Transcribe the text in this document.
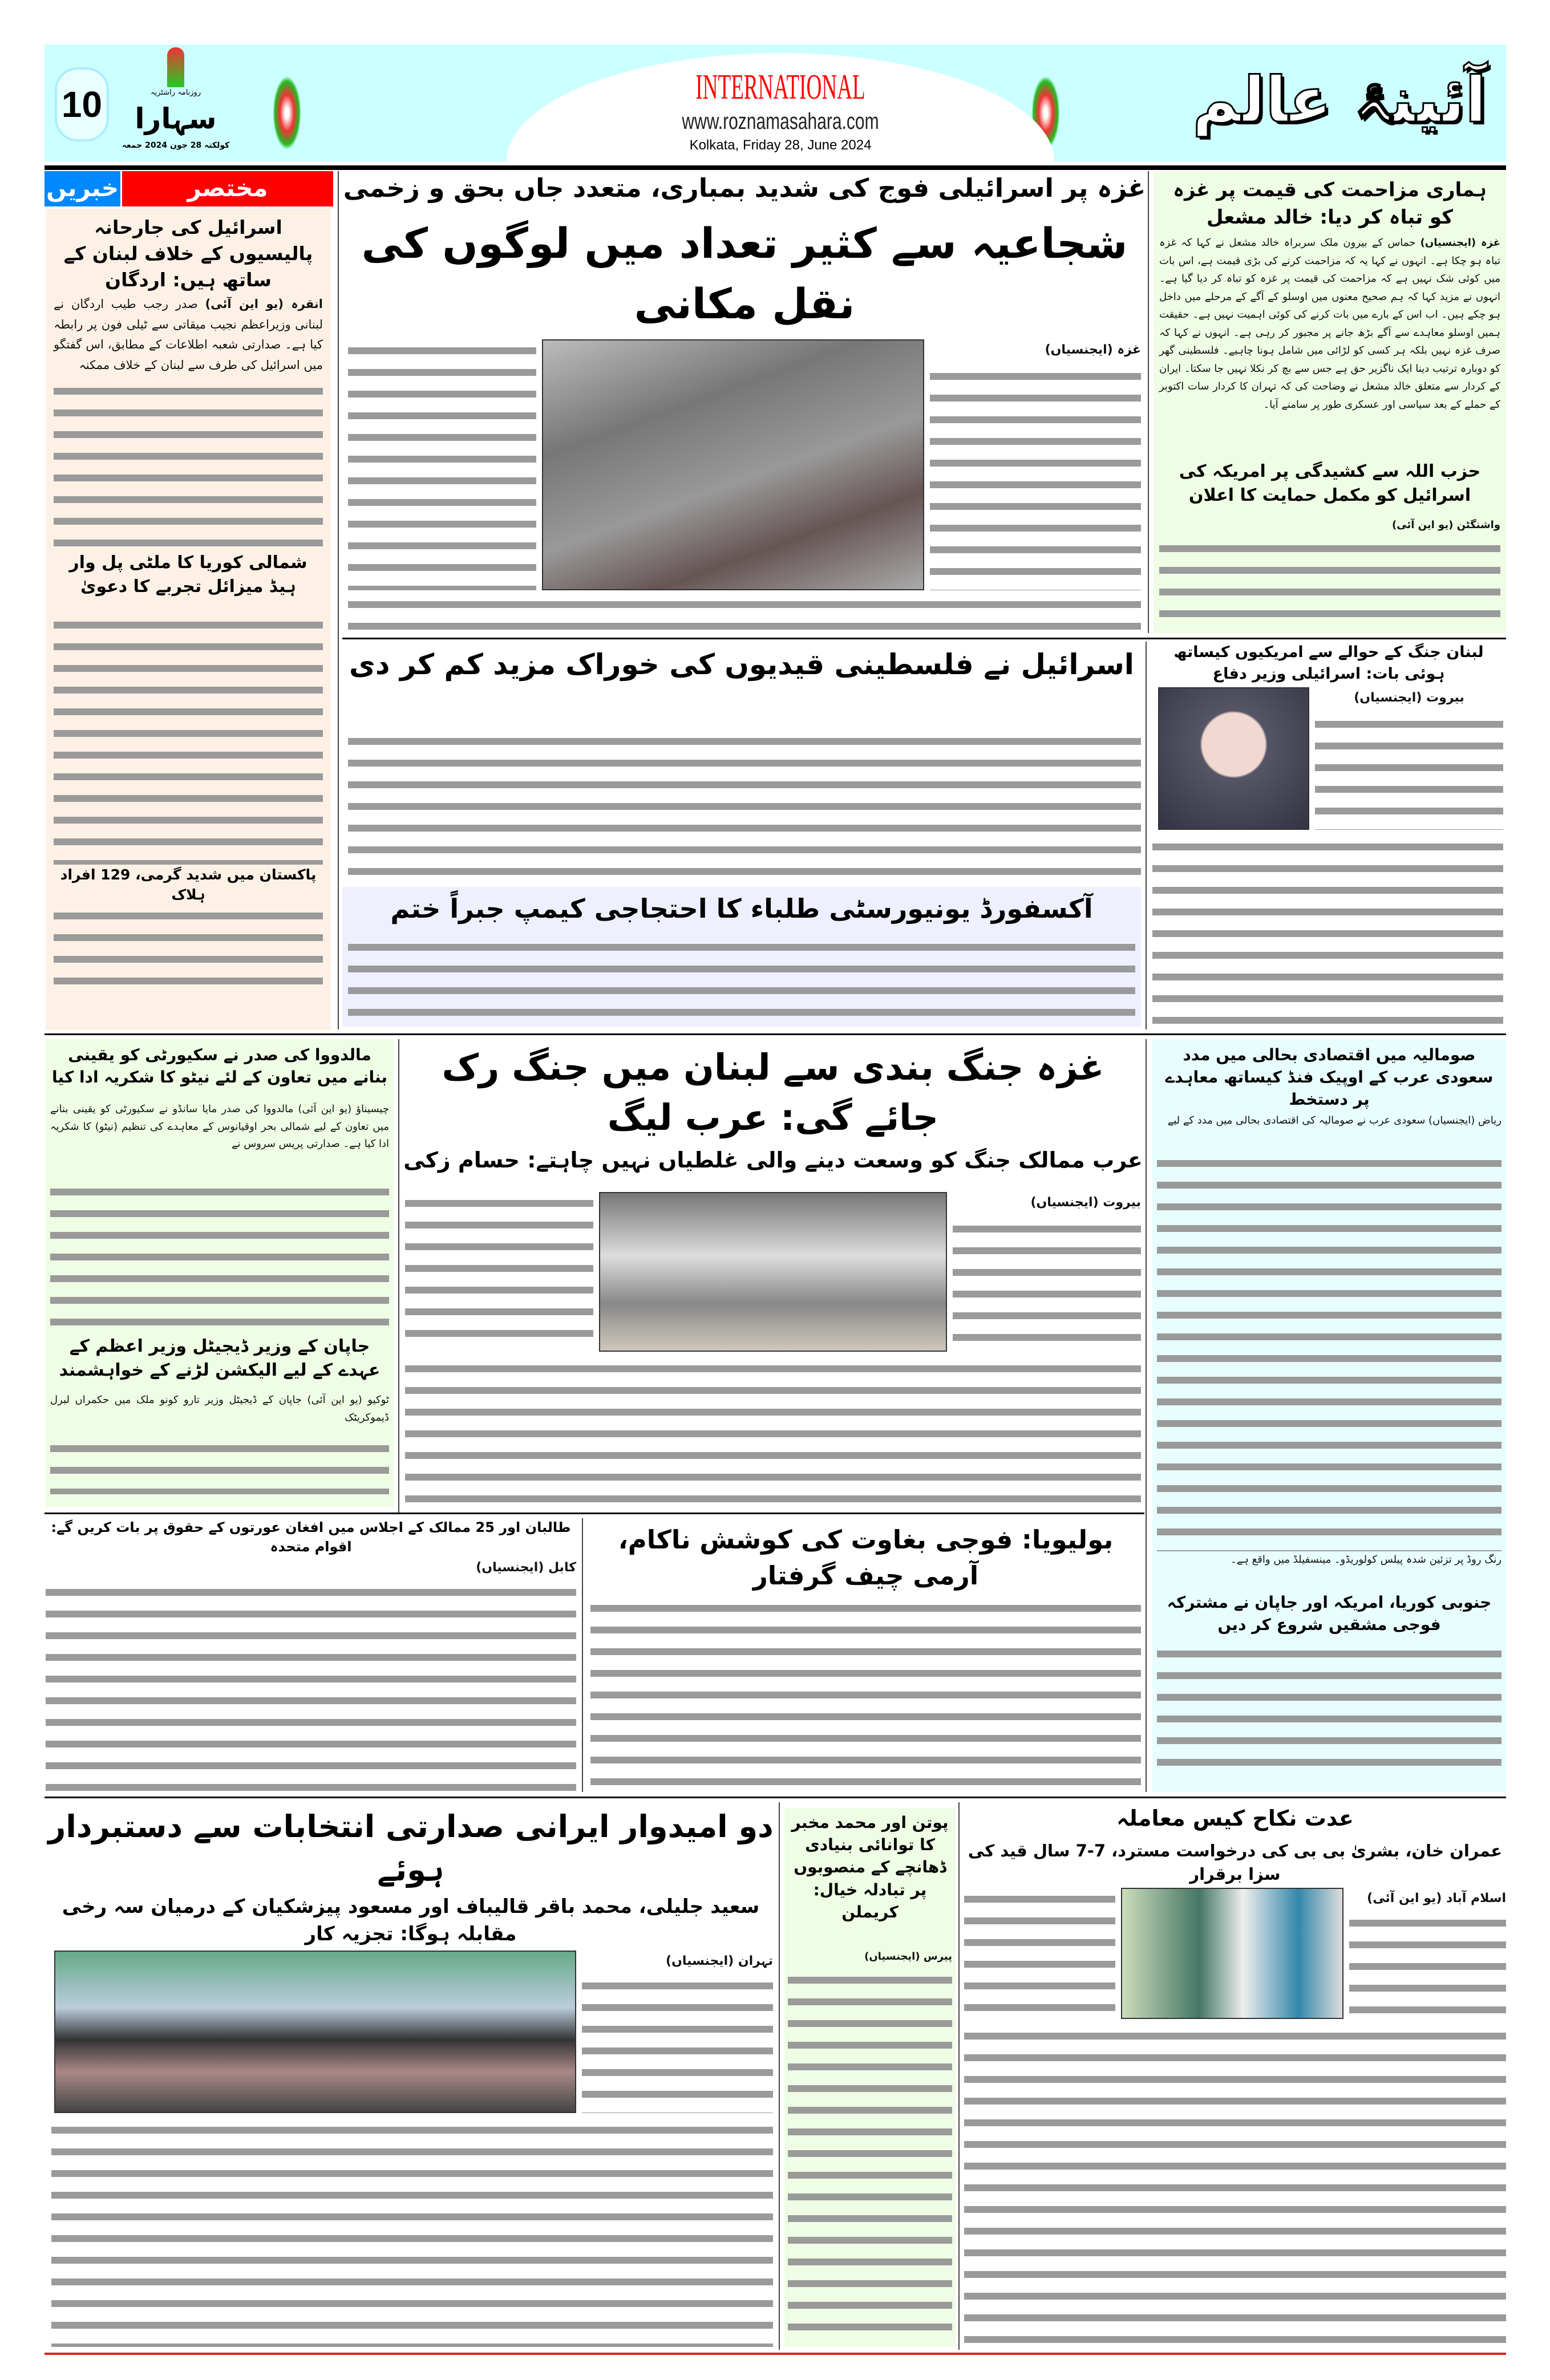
10	روزنامہ راشٹریہ
سہارا
کولکتہ 28 جون 2024 جمعہ
INTERNATIONAL
www.roznamasahara.com
Kolkata, Friday 28, June 2024
آئینۂ عالم
خبریں	مختصر
اسرائیل کی جارحانہ پالیسیوں کے خلاف لبنان کے ساتھ ہیں: اردگان
انقرہ (یو این آئی) صدر رجب طیب اردگان نے لبنانی وزیراعظم نجیب میقاتی سے ٹیلی فون پر رابطہ کیا ہے۔ صدارتی شعبہ اطلاعات کے مطابق، اس گفتگو میں اسرائیل کی طرف سے لبنان کے خلاف ممکنہ
شمالی کوریا کا ملٹی پل وار ہیڈ میزائل تجربے کا دعویٰ
پاکستان میں شدید گرمی، 129 افراد ہلاک
غزہ پر اسرائیلی فوج کی شدید بمباری، متعدد جاں بحق و زخمی
شجاعیہ سے کثیر تعداد میں لوگوں کی نقل مکانی
غزہ (ایجنسیاں)
ہماری مزاحمت کی قیمت پر غزہ کو تباہ کر دیا: خالد مشعل
غزہ (ایجنسیاں) حماس کے بیرون ملک سربراہ خالد مشعل نے کہا کہ غزہ تباہ ہو چکا ہے۔ انہوں نے کہا یہ کہ مزاحمت کرنے کی بڑی قیمت ہے، اس بات میں کوئی شک نہیں ہے کہ مزاحمت کی قیمت پر غزہ کو تباہ کر دیا گیا ہے۔ انہوں نے مزید کہا کہ ہم صحیح معنوں میں اوسلو کے آگے کے مرحلے میں داخل ہو چکے ہیں۔ اب اس کے بارے میں بات کرنے کی کوئی اہمیت نہیں ہے۔ حقیقت ہمیں اوسلو معاہدے سے آگے بڑھ جانے پر مجبور کر رہی ہے۔ انہوں نے کہا کہ صرف غزہ نہیں بلکہ ہر کسی کو لڑائی میں شامل ہونا چاہیے۔ فلسطینی گھر کو دوبارہ ترتیب دینا ایک ناگزیر حق ہے جس سے بچ کر نکلا نہیں جا سکتا۔ ایران کے کردار سے متعلق خالد مشعل نے وضاحت کی کہ تہران کا کردار سات اکتوبر کے حملے کے بعد سیاسی اور عسکری طور پر سامنے آیا۔
حزب اللہ سے کشیدگی پر امریکہ کی اسرائیل کو مکمل حمایت کا اعلان
واشنگٹن (یو این آئی)
اسرائیل نے فلسطینی قیدیوں کی خوراک مزید کم کر دی
آکسفورڈ یونیورسٹی طلباء کا احتجاجی کیمپ جبراً ختم
لبنان جنگ کے حوالے سے امریکیوں کیساتھ ہوئی بات: اسرائیلی وزیر دفاع
بیروت (ایجنسیاں)
مالدووا کی صدر نے سکیورٹی کو یقینی بنانے میں تعاون کے لئے نیٹو کا شکریہ ادا کیا
چیسیناؤ (یو این آئی) مالدووا کی صدر مایا سانڈو نے سکیورٹی کو یقینی بنانے میں تعاون کے لیے شمالی بحر اوقیانوس کے معاہدے کی تنظیم (نیٹو) کا شکریہ ادا کیا ہے۔ صدارتی پریس سروس نے
جاپان کے وزیر ڈیجیٹل وزیر اعظم کے عہدے کے لیے الیکشن لڑنے کے خواہشمند
ٹوکیو (یو این آئی) جاپان کے ڈیجیٹل وزیر تارو کونو ملک میں حکمراں لبرل ڈیموکریٹک
غزہ جنگ بندی سے لبنان میں جنگ رک جائے گی: عرب لیگ
عرب ممالک جنگ کو وسعت دینے والی غلطیاں نہیں چاہتے: حسام زکی
بیروت (ایجنسیاں)
صومالیہ میں اقتصادی بحالی میں مدد سعودی عرب کے اوپیک فنڈ کیساتھ معاہدے پر دستخط
ریاض (ایجنسیاں) سعودی عرب نے صومالیہ کی اقتصادی بحالی میں مدد کے لیے
رنگ روڈ پر تزئین شدہ پیلس کولوریڈو۔ مینسفیلڈ میں واقع ہے۔
جنوبی کوریا، امریکہ اور جاپان نے مشترکہ فوجی مشقیں شروع کر دیں
طالبان اور 25 ممالک کے اجلاس میں افغان عورتوں کے حقوق پر بات کریں گے: اقوام متحدہ
کابل (ایجنسیاں)
بولیویا: فوجی بغاوت کی کوشش ناکام، آرمی چیف گرفتار
دو امیدوار ایرانی صدارتی انتخابات سے دستبردار ہوئے
سعید جلیلی، محمد باقر قالیباف اور مسعود پیزشکیان کے درمیان سہ رخی مقابلہ ہوگا: تجزیہ کار
تہران (ایجنسیاں)
پوتن اور محمد مخبر کا توانائی بنیادی ڈھانچے کے منصوبوں پر تبادلہ خیال: کریملن
پیرس (ایجنسیاں)
عدت نکاح کیس معاملہ
عمران خان، بشریٰ بی بی کی درخواست مسترد، 7-7 سال قید کی سزا برقرار
اسلام آباد (یو این آئی)
